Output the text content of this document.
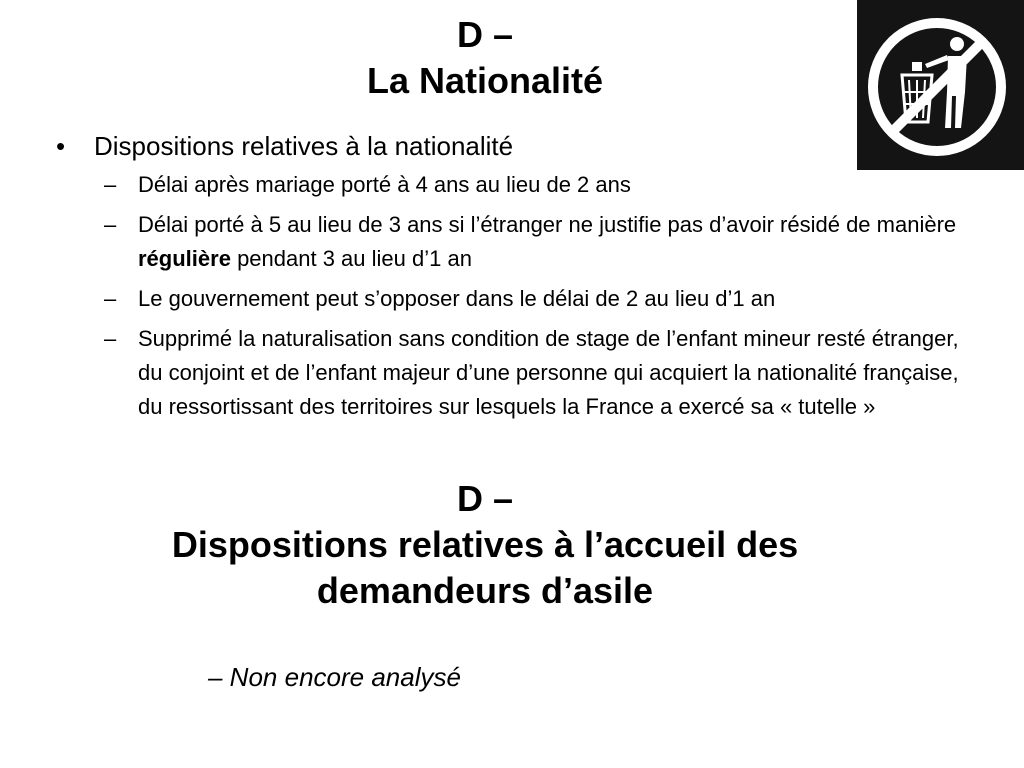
D –
La Nationalité
•	Dispositions relatives à la nationalité
– Délai après mariage porté à 4 ans au lieu de 2 ans
– Délai porté à 5 au lieu de 3 ans si l’étranger ne justifie pas d’avoir résidé de manière régulière pendant 3 au lieu d’1 an
– Le gouvernement peut s’opposer dans le délai de 2 au lieu d’1 an
– Supprimé la naturalisation sans condition de stage de l’enfant mineur resté étranger, du conjoint et de l’enfant majeur d’une personne qui acquiert la nationalité française, du ressortissant des territoires sur lesquels la France a exercé sa « tutelle »
D –
Dispositions relatives à l’accueil des
demandeurs d’asile
– Non encore analysé
